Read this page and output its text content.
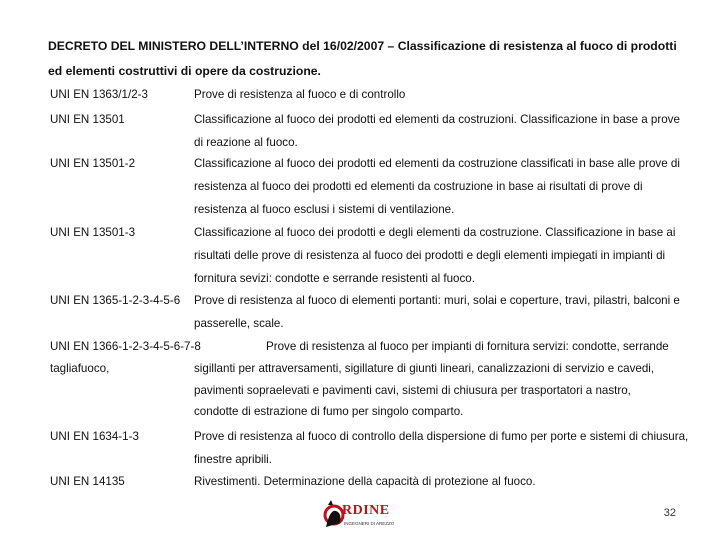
DECRETO DEL MINISTERO DELL’INTERNO del 16/02/2007 – Classificazione di resistenza al fuoco di prodotti ed elementi costruttivi di opere da costruzione.
UNI EN 1363/1/2-3	Prove di resistenza al fuoco e di controllo
UNI EN 13501	Classificazione al fuoco dei prodotti ed elementi da costruzioni. Classificazione in base a prove di reazione al fuoco.
UNI EN 13501-2	Classificazione al fuoco dei prodotti ed elementi da costruzione classificati in base alle prove di resistenza al fuoco dei prodotti ed elementi da costruzione in base ai risultati di prove di resistenza al fuoco esclusi i sistemi di ventilazione.
UNI EN 13501-3	Classificazione al fuoco dei prodotti e degli elementi da costruzione. Classificazione in base ai risultati delle prove di resistenza al fuoco dei prodotti e degli elementi impiegati in impianti di fornitura sevizi: condotte e serrande resistenti al fuoco.
UNI EN 1365-1-2-3-4-5-6 Prove di resistenza al fuoco di elementi portanti: muri, solai e coperture, travi, pilastri, balconi e passerelle, scale.
UNI EN 1366-1-2-3-4-5-6-7-8	Prove di resistenza al fuoco per impianti di fornitura servizi: condotte, serrande
tagliafuoco,	sigillanti per attraversamenti, sigillature di giunti lineari, canalizzazioni di servizio e cavedi,
pavimenti sopraelevati e pavimenti cavi, sistemi di chiusura per trasportatori a nastro,
condotte di estrazione di fumo per singolo comparto.
UNI EN 1634-1-3	Prove di resistenza al fuoco di controllo della dispersione di fumo per porte e sistemi di chiusura, finestre apribili.
UNI EN 14135	Rivestimenti. Determinazione della capacità di protezione al fuoco.
RDINE
INGEGNERI DI AREZZO
32
